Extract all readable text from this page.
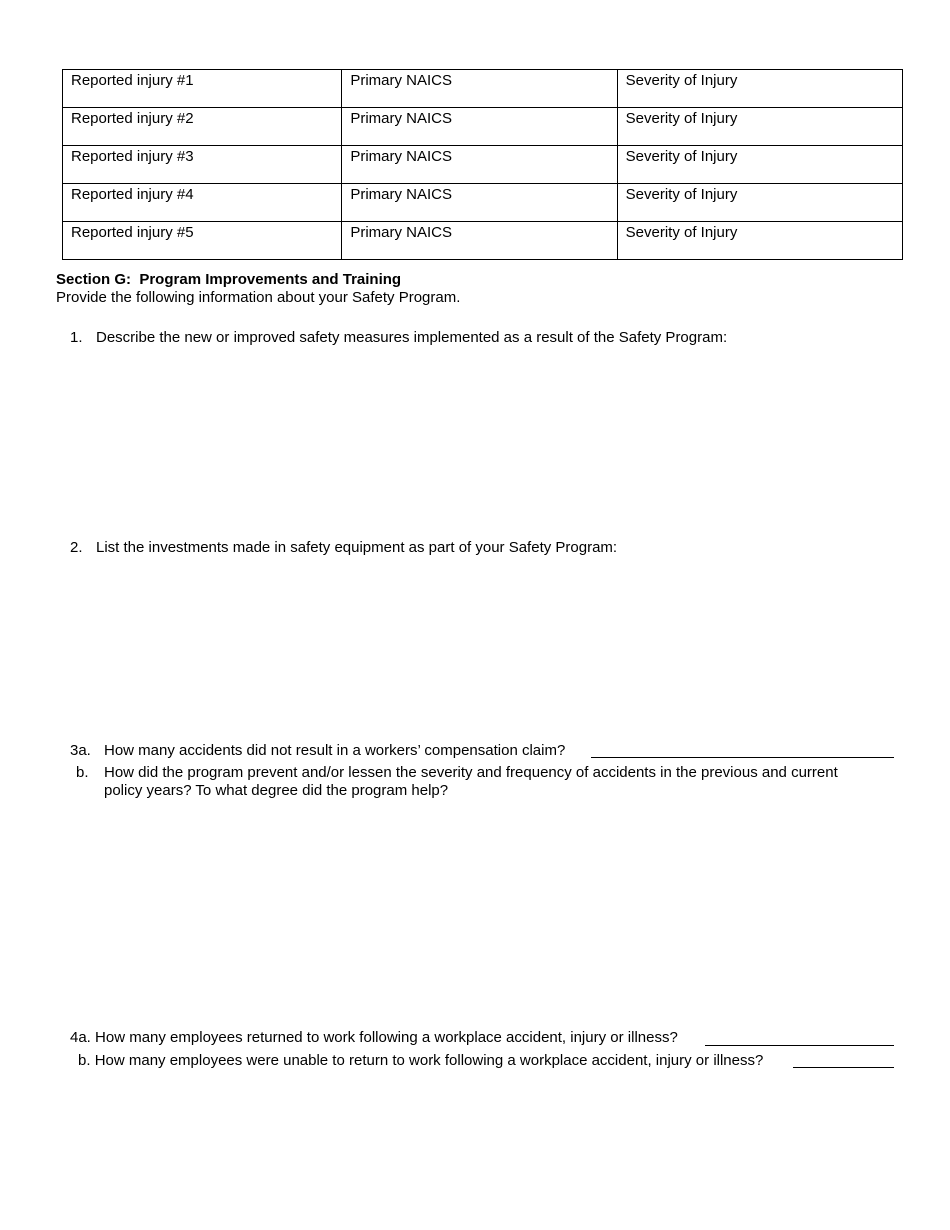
Reported injury #1	Primary NAICS	Severity of Injury
Reported injury #2	Primary NAICS	Severity of Injury
Reported injury #3	Primary NAICS	Severity of Injury
Reported injury #4	Primary NAICS	Severity of Injury
Reported injury #5	Primary NAICS	Severity of Injury
Section G:  Program Improvements and Training
Provide the following information about your Safety Program.
1. Describe the new or improved safety measures implemented as a result of the Safety Program:
2. List the investments made in safety equipment as part of your Safety Program:
3a. How many accidents did not result in a workers’ compensation claim?
b. How did the program prevent and/or lessen the severity and frequency of accidents in the previous and current
policy years? To what degree did the program help?
4a. How many employees returned to work following a workplace accident, injury or illness?
b. How many employees were unable to return to work following a workplace accident, injury or illness?
